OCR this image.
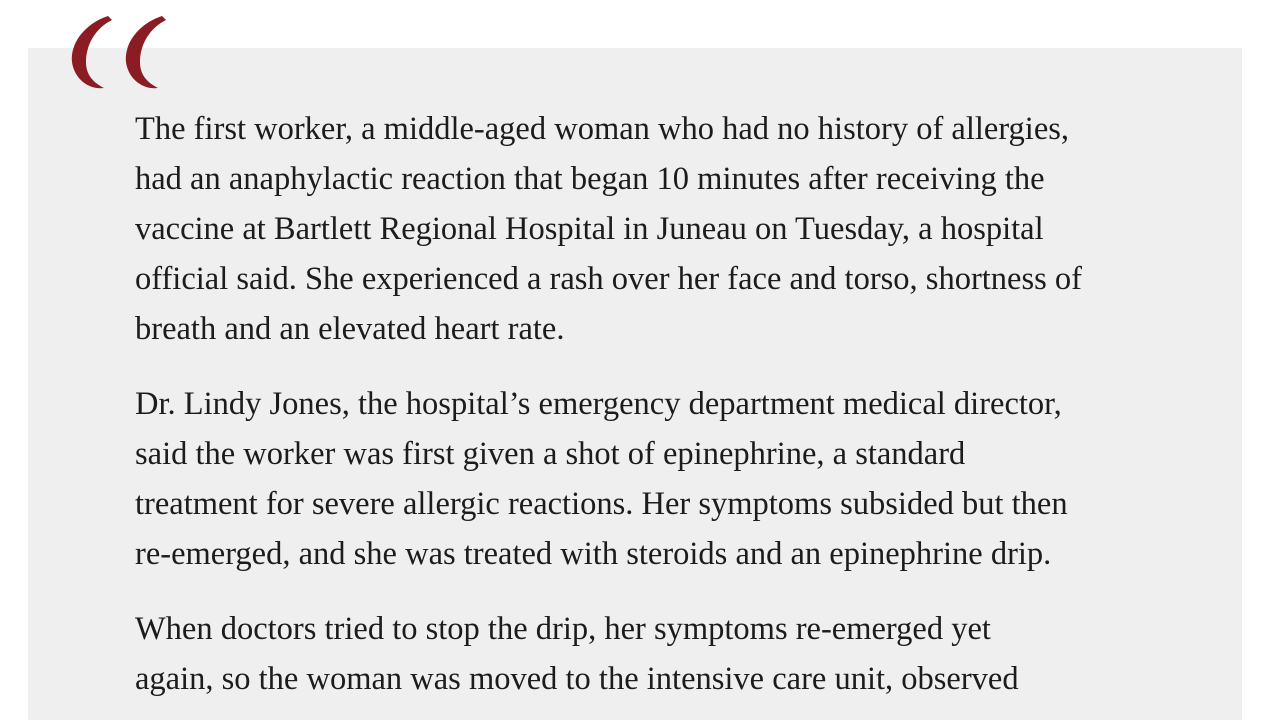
The first worker, a middle-aged woman who had no history of allergies,
had an anaphylactic reaction that began 10 minutes after receiving the
vaccine at Bartlett Regional Hospital in Juneau on Tuesday, a hospital
official said. She experienced a rash over her face and torso, shortness of
breath and an elevated heart rate.

Dr. Lindy Jones, the hospital’s emergency department medical director,
said the worker was first given a shot of epinephrine, a standard
treatment for severe allergic reactions. Her symptoms subsided but then
re-emerged, and she was treated with steroids and an epinephrine drip.

When doctors tried to stop the drip, her symptoms re-emerged yet
again, so the woman was moved to the intensive care unit, observed
